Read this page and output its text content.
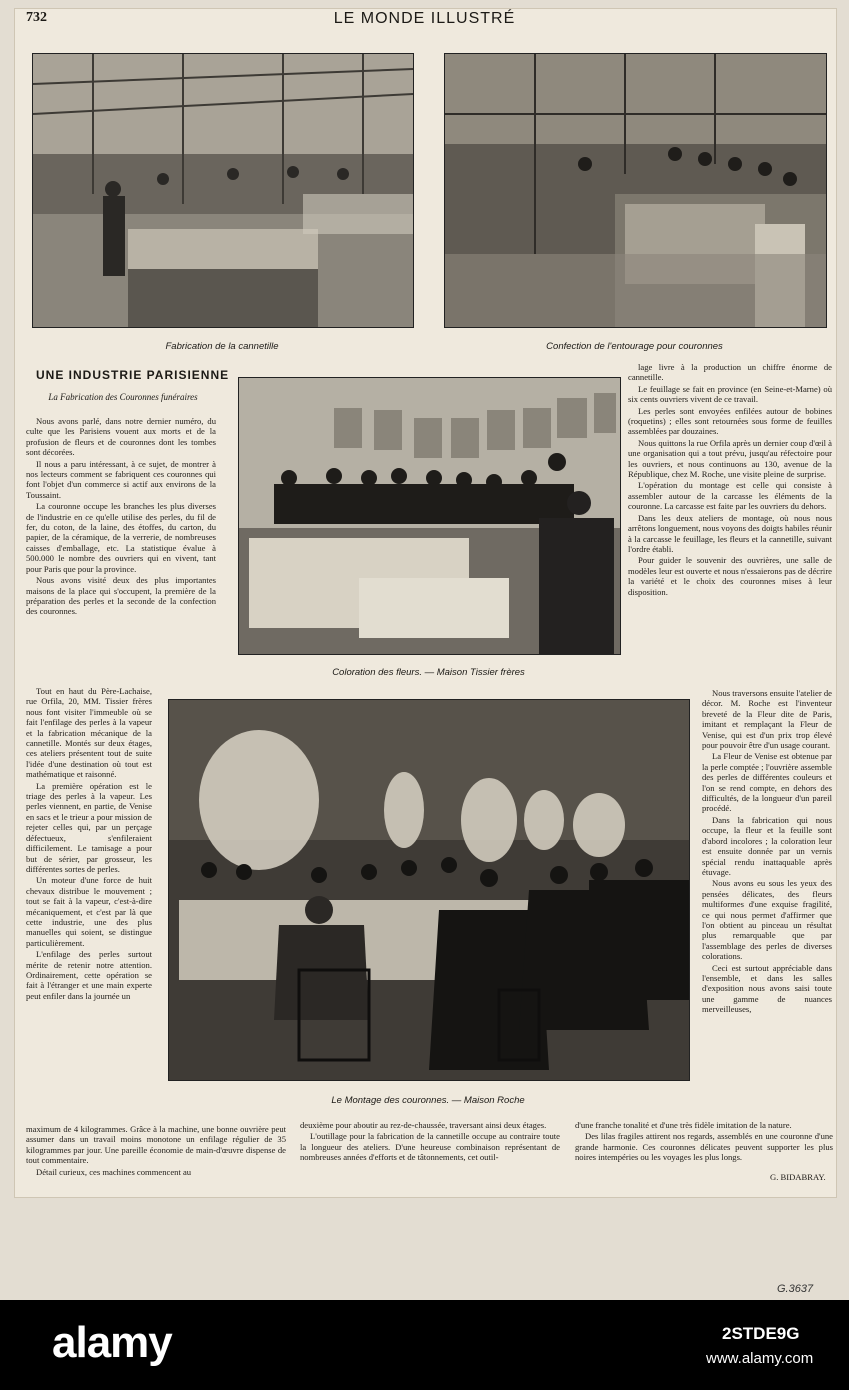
732	LE MONDE ILLUSTRÉ
Fabrication de la cannetille	Confection de l'entourage pour couronnes
UNE INDUSTRIE PARISIENNE
La Fabrication des Couronnes funéraires
Coloration des fleurs. — Maison Tissier frères
Le Montage des couronnes. — Maison Roche

Nous avons parlé, dans notre dernier numéro, du culte que les Parisiens vouent aux morts et de la profusion de fleurs et de couronnes dont les tombes sont décorées.

Il nous a paru intéressant, à ce sujet, de montrer à nos lecteurs comment se fabriquent ces couronnes qui font l'objet d'un commerce si actif aux environs de la Toussaint.

La couronne occupe les branches les plus diverses de l'industrie en ce qu'elle utilise des perles, du fil de fer, du coton, de la laine, des étoffes, du carton, du papier, de la céramique, de la verrerie, de nombreuses caisses d'emballage, etc. La statistique évalue à 500.000 le nombre des ouvriers qui en vivent, tant pour Paris que pour la province.

Nous avons visité deux des plus importantes maisons de la place qui s'occupent, la première de la préparation des perles et la seconde de la confection des couronnes.

Tout en haut du Père-Lachaise, rue Orfila, 20, MM. Tissier frères nous font visiter l'immeuble où se fait l'enfilage des perles à la vapeur et la fabrication mécanique de la cannetille. Montés sur deux étages, ces ateliers présentent tout de suite l'idée d'une destination où tout est mathématique et raisonné.

La première opération est le triage des perles à la vapeur. Les perles viennent, en partie, de Venise en sacs et le trieur a pour mission de rejeter celles qui, par un perçage défectueux, s'enfileraient difficilement. Le tamisage a pour but de sérier, par grosseur, les différentes sortes de perles.

Un moteur d'une force de huit chevaux distribue le mouvement ; tout se fait à la vapeur, c'est-à-dire mécaniquement, et c'est par là que cette industrie, une des plus manuelles qui soient, se distingue particulièrement.

L'enfilage des perles surtout mérite de retenir notre attention. Ordinairement, cette opération se fait à l'étranger et une main experte peut enfiler dans la journée un

lage livre à la production un chiffre énorme de cannetille.

Le feuillage se fait en province (en Seine-et-Marne) où six cents ouvriers vivent de ce travail.

Les perles sont envoyées enfilées autour de bobines (roquetins) ; elles sont retournées sous forme de feuilles assemblées par douzaines.

Nous quittons la rue Orfila après un dernier coup d'œil à une organisation qui a tout prévu, jusqu'au réfectoire pour les ouvriers, et nous continuons au 130, avenue de la République, chez M. Roche, une visite pleine de surprise.

L'opération du montage est celle qui consiste à assembler autour de la carcasse les éléments de la couronne. La carcasse est faite par les ouvriers du dehors.

Dans les deux ateliers de montage, où nous nous arrêtons longuement, nous voyons des doigts habiles réunir à la carcasse le feuillage, les fleurs et la cannetille, suivant l'ordre établi.

Pour guider le souvenir des ouvrières, une salle de modèles leur est ouverte et nous n'essaierons pas de décrire la variété et le choix des couronnes mises à leur disposition.

Nous traversons ensuite l'atelier de décor. M. Roche est l'inventeur breveté de la Fleur dite de Paris, imitant et remplaçant la Fleur de Venise, qui est d'un prix trop élevé pour pouvoir être d'un usage courant.

La Fleur de Venise est obtenue par la perle comptée ; l'ouvrière assemble des perles de différentes couleurs et l'on se rend compte, en dehors des difficultés, de la longueur d'un pareil procédé.

Dans la fabrication qui nous occupe, la fleur et la feuille sont d'abord incolores ; la coloration leur est ensuite donnée par un vernis spécial rendu inattaquable après étuvage.

Nous avons eu sous les yeux des pensées délicates, des fleurs multiformes d'une exquise fragilité, ce qui nous permet d'affirmer que l'on obtient au pinceau un résultat plus remarquable que par l'assemblage des perles de diverses colorations.

Ceci est surtout appréciable dans l'ensemble, et dans les salles d'exposition nous avons saisi toute une gamme de nuances merveilleuses,

maximum de 4 kilogrammes. Grâce à la machine, une bonne ouvrière peut assumer dans un travail moins monotone un enfilage régulier de 35 kilogrammes par jour. Une pareille économie de main-d'œuvre dispense de tout commentaire.

Détail curieux, ces machines commencent au

deuxième pour aboutir au rez-de-chaussée, traversant ainsi deux étages.

L'outillage pour la fabrication de la cannetille occupe au contraire toute la longueur des ateliers. D'une heureuse combinaison représentant de nombreuses années d'efforts et de tâtonnements, cet outil-

d'une franche tonalité et d'une très fidèle imitation de la nature.

Des lilas fragiles attirent nos regards, assemblés en une couronne d'une grande harmonie. Ces couronnes délicates peuvent supporter les plus noires intempéries ou les voyages les plus longs.

G. BIDABRAY.
G.3637
alamy	2STDE9G
www.alamy.com
